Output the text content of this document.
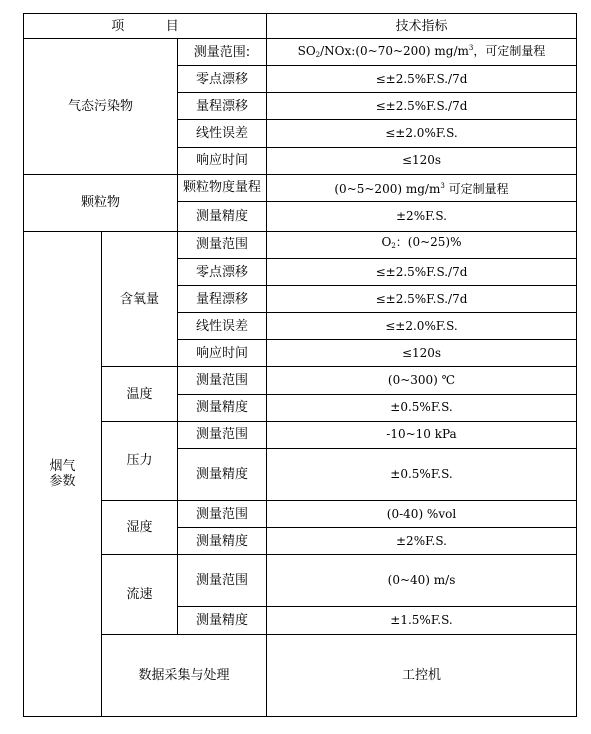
项 目			技术指标	
气态污染物		测量范围:	$SO_2/NOx:(0\sim 70\sim 200)$ $mg/m^3$，可定制量程	
		零点漂移	≤±2.5%F.S./7d	
		量程漂移	≤±2.5%F.S./7d	
		线性误差	≤±2.0%F.S.	
		响应时间	≤120s	
颗粒物		颗粒物度量程	(0~5~200) $mg/m^3$ 可定制量程	
		测量精度	±2%F.S.	
烟气
参数	含氧量	测量范围	$O_2$：(0~25)%	
		零点漂移	≤±2.5%F.S./7d	
		量程漂移	≤±2.5%F.S./7d	
		线性误差	≤±2.0%F.S.	
		响应时间	≤120s	
	温度	测量范围	(0~300) ℃	
		测量精度	±0.5%F.S.	
	压力	测量范围	-10~10 kPa	
		测量精度	±0.5%F.S.	
	湿度	测量范围	(0-40) %vol	
		测量精度	±2%F.S.	
	流速	测量范围	(0~40) m/s	
		测量精度	±1.5%F.S.	
	数据采集与处理		工控机	
